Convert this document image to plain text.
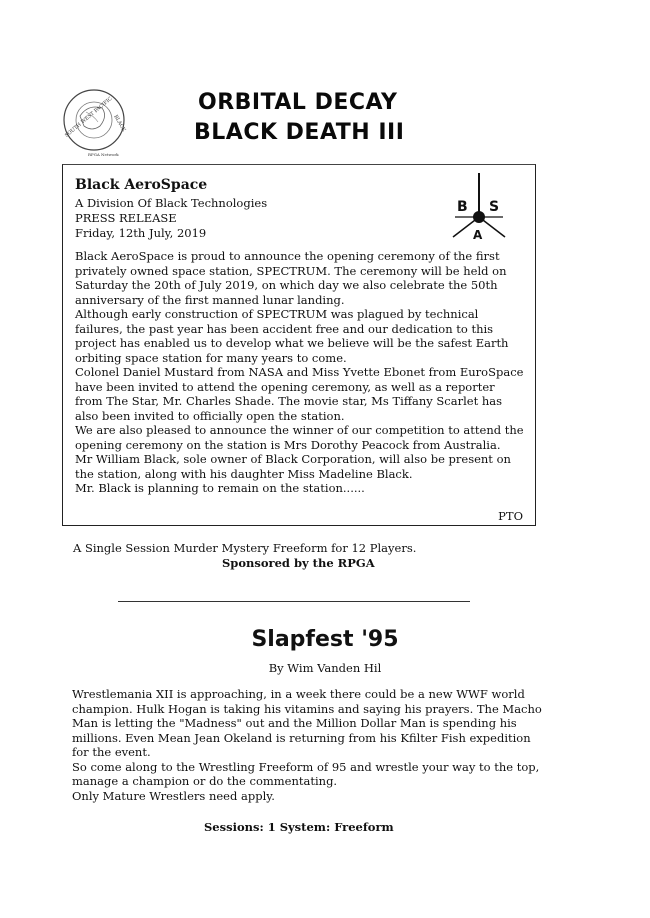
SOUTH WEST PACIFIC
BLACK
RPGA Network
ORBITAL DECAY
BLACK DEATH III
Black AeroSpace
A Division Of Black Technologies
PRESS RELEASE
Friday, 12th July, 2019
B S
A

Black AeroSpace is proud to announce the opening ceremony of the first privately owned space station, SPECTRUM. The ceremony will be held on Saturday the 20th of July 2019, on which day we also celebrate the 50th anniversary of the first manned lunar landing.

Although early construction of SPECTRUM was plagued by technical failures, the past year has been accident free and our dedication to this project has enabled us to develop what we believe will be the safest Earth orbiting space station for many years to come.

Colonel Daniel Mustard from NASA and Miss Yvette Ebonet from EuroSpace have been invited to attend the opening ceremony, as well as a reporter from The Star, Mr. Charles Shade. The movie star, Ms Tiffany Scarlet has also been invited to officially open the station.

We are also pleased to announce the winner of our competition to attend the opening ceremony on the station is Mrs Dorothy Peacock from Australia.

Mr William Black, sole owner of Black Corporation, will also be present on the station, along with his daughter Miss Madeline Black.

Mr. Black is planning to remain on the station......

PTO
A Single Session Murder Mystery Freeform for 12 Players.
Sponsored by the RPGA
Slapfest '95
By Wim Vanden Hil

Wrestlemania XII is approaching, in a week there could be a new WWF world champion. Hulk Hogan is taking his vitamins and saying his prayers. The Macho Man is letting the "Madness" out and the Million Dollar Man is spending his millions. Even Mean Jean Okeland is returning from his Kfilter Fish expedition for the event.

So come along to the Wrestling Freeform of 95 and wrestle your way to the top, manage a champion or do the commentating.

Only Mature Wrestlers need apply.

Sessions: 1 System: Freeform
